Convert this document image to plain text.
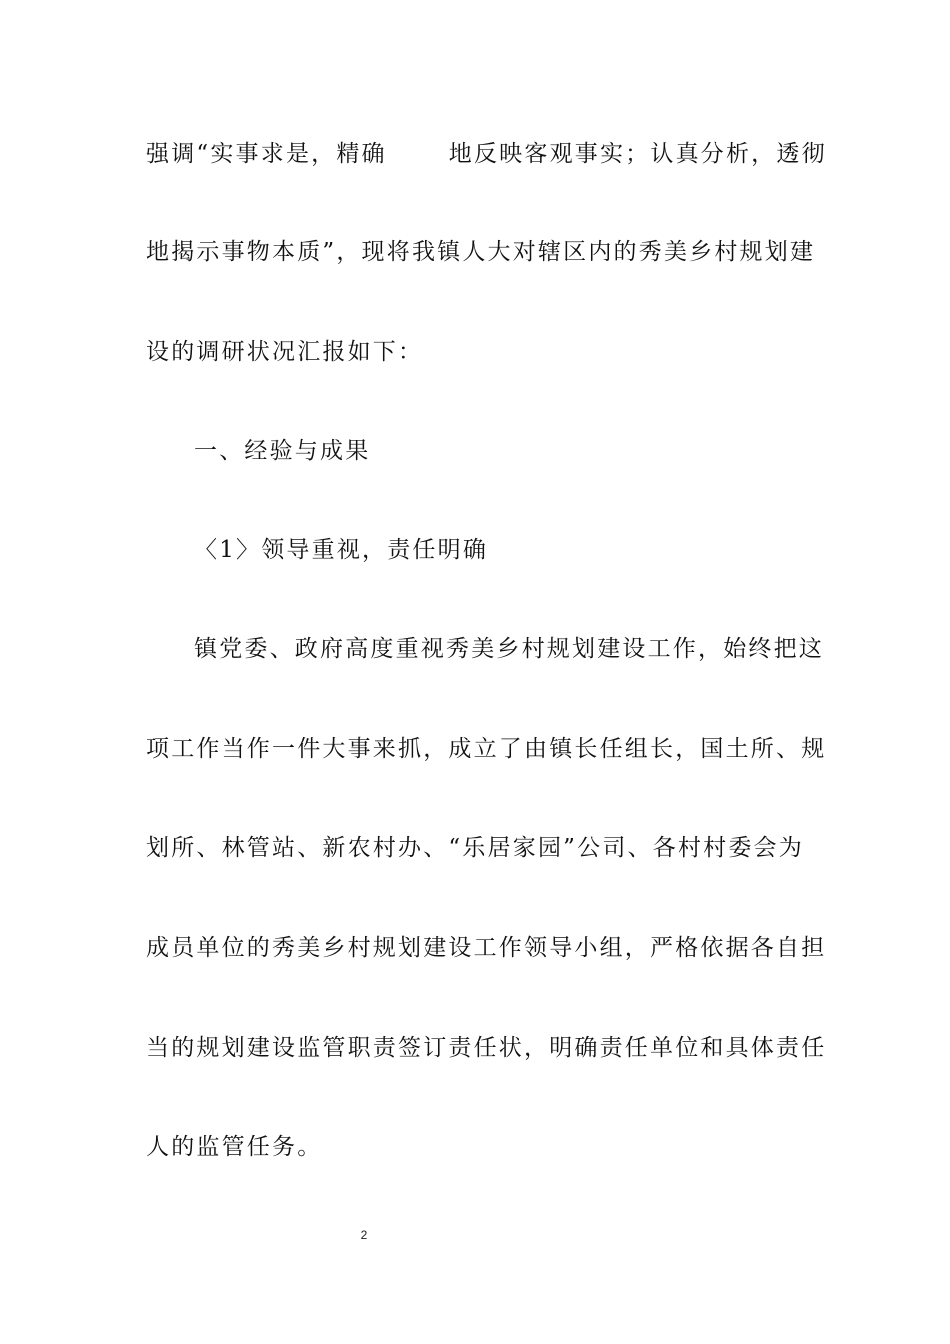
强调“实事求是，精确	地反映客观事实；认真分析，透彻
地揭示事物本质”，现将我镇人大对辖区内的秀美乡村规划建
设的调研状况汇报如下：
一、经验与成果
〈1〉领导重视，责任明确
镇党委、政府高度重视秀美乡村规划建设工作，始终把这
项工作当作一件大事来抓，成立了由镇长任组长，国土所、规
划所、林管站、新农村办、“乐居家园”公司、各村村委会为
成员单位的秀美乡村规划建设工作领导小组，严格依据各自担
当的规划建设监管职责签订责任状，明确责任单位和具体责任
人的监管任务。
2
